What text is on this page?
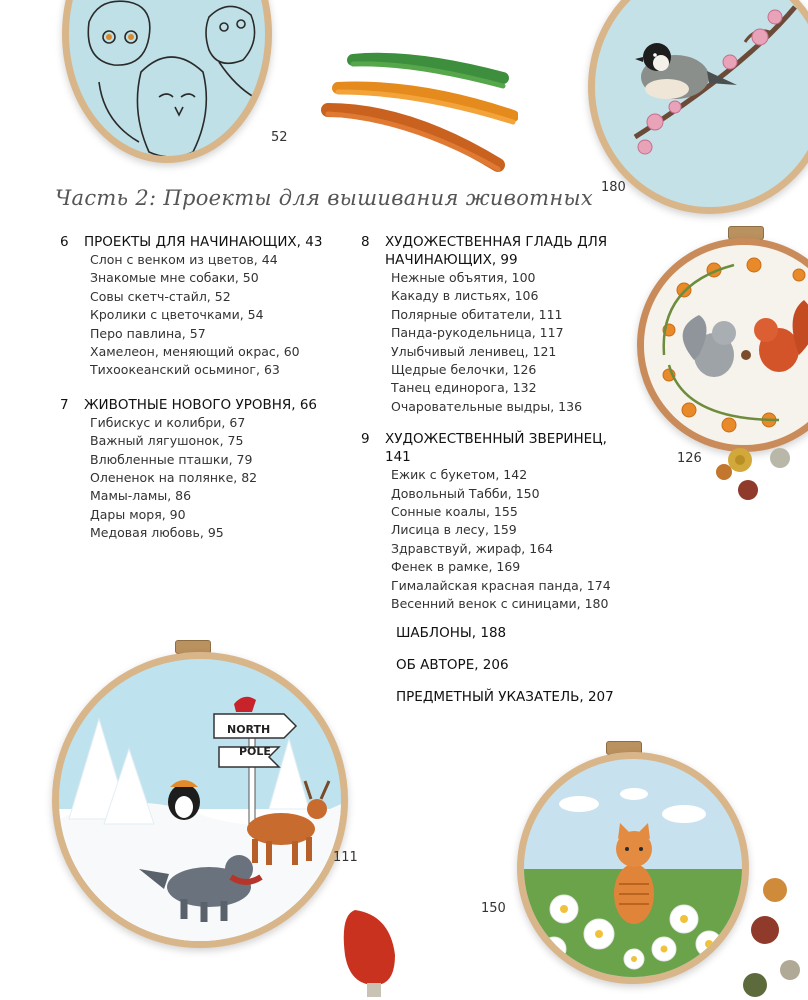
52
180
Часть 2: Проекты для вышивания животных
6	ПРОЕКТЫ ДЛЯ НАЧИНАЮЩИХ, 43
Слон с венком из цветов, 44
Знакомые мне собаки, 50
Совы скетч-стайл, 52
Кролики с цветочками, 54
Перо павлина, 57
Хамелеон, меняющий окрас, 60
Тихоокеанский осьминог, 63
7	ЖИВОТНЫЕ НОВОГО УРОВНЯ, 66
Гибискус и колибри, 67
Важный лягушонок, 75
Влюбленные пташки, 79
Олененок на полянке, 82
Мамы-ламы, 86
Дары моря, 90
Медовая любовь, 95
8	ХУДОЖЕСТВЕННАЯ ГЛАДЬ ДЛЯ НАЧИНАЮЩИХ, 99
Нежные объятия, 100
Какаду в листьях, 106
Полярные обитатели, 111
Панда-рукодельница, 117
Улыбчивый ленивец, 121
Щедрые белочки, 126
Танец единорога, 132
Очаровательные выдры, 136
9	ХУДОЖЕСТВЕННЫЙ ЗВЕРИНЕЦ, 141
Ежик с букетом, 142
Довольный Табби, 150
Сонные коалы, 155
Лисица в лесу, 159
Здравствуй, жираф, 164
Фенек в рамке, 169
Гималайская красная панда, 174
Весенний венок с синицами, 180
ШАБЛОНЫ, 188
ОБ АВТОРЕ, 206
ПРЕДМЕТНЫЙ УКАЗАТЕЛЬ, 207
126
NORTH
POLE
111
150
